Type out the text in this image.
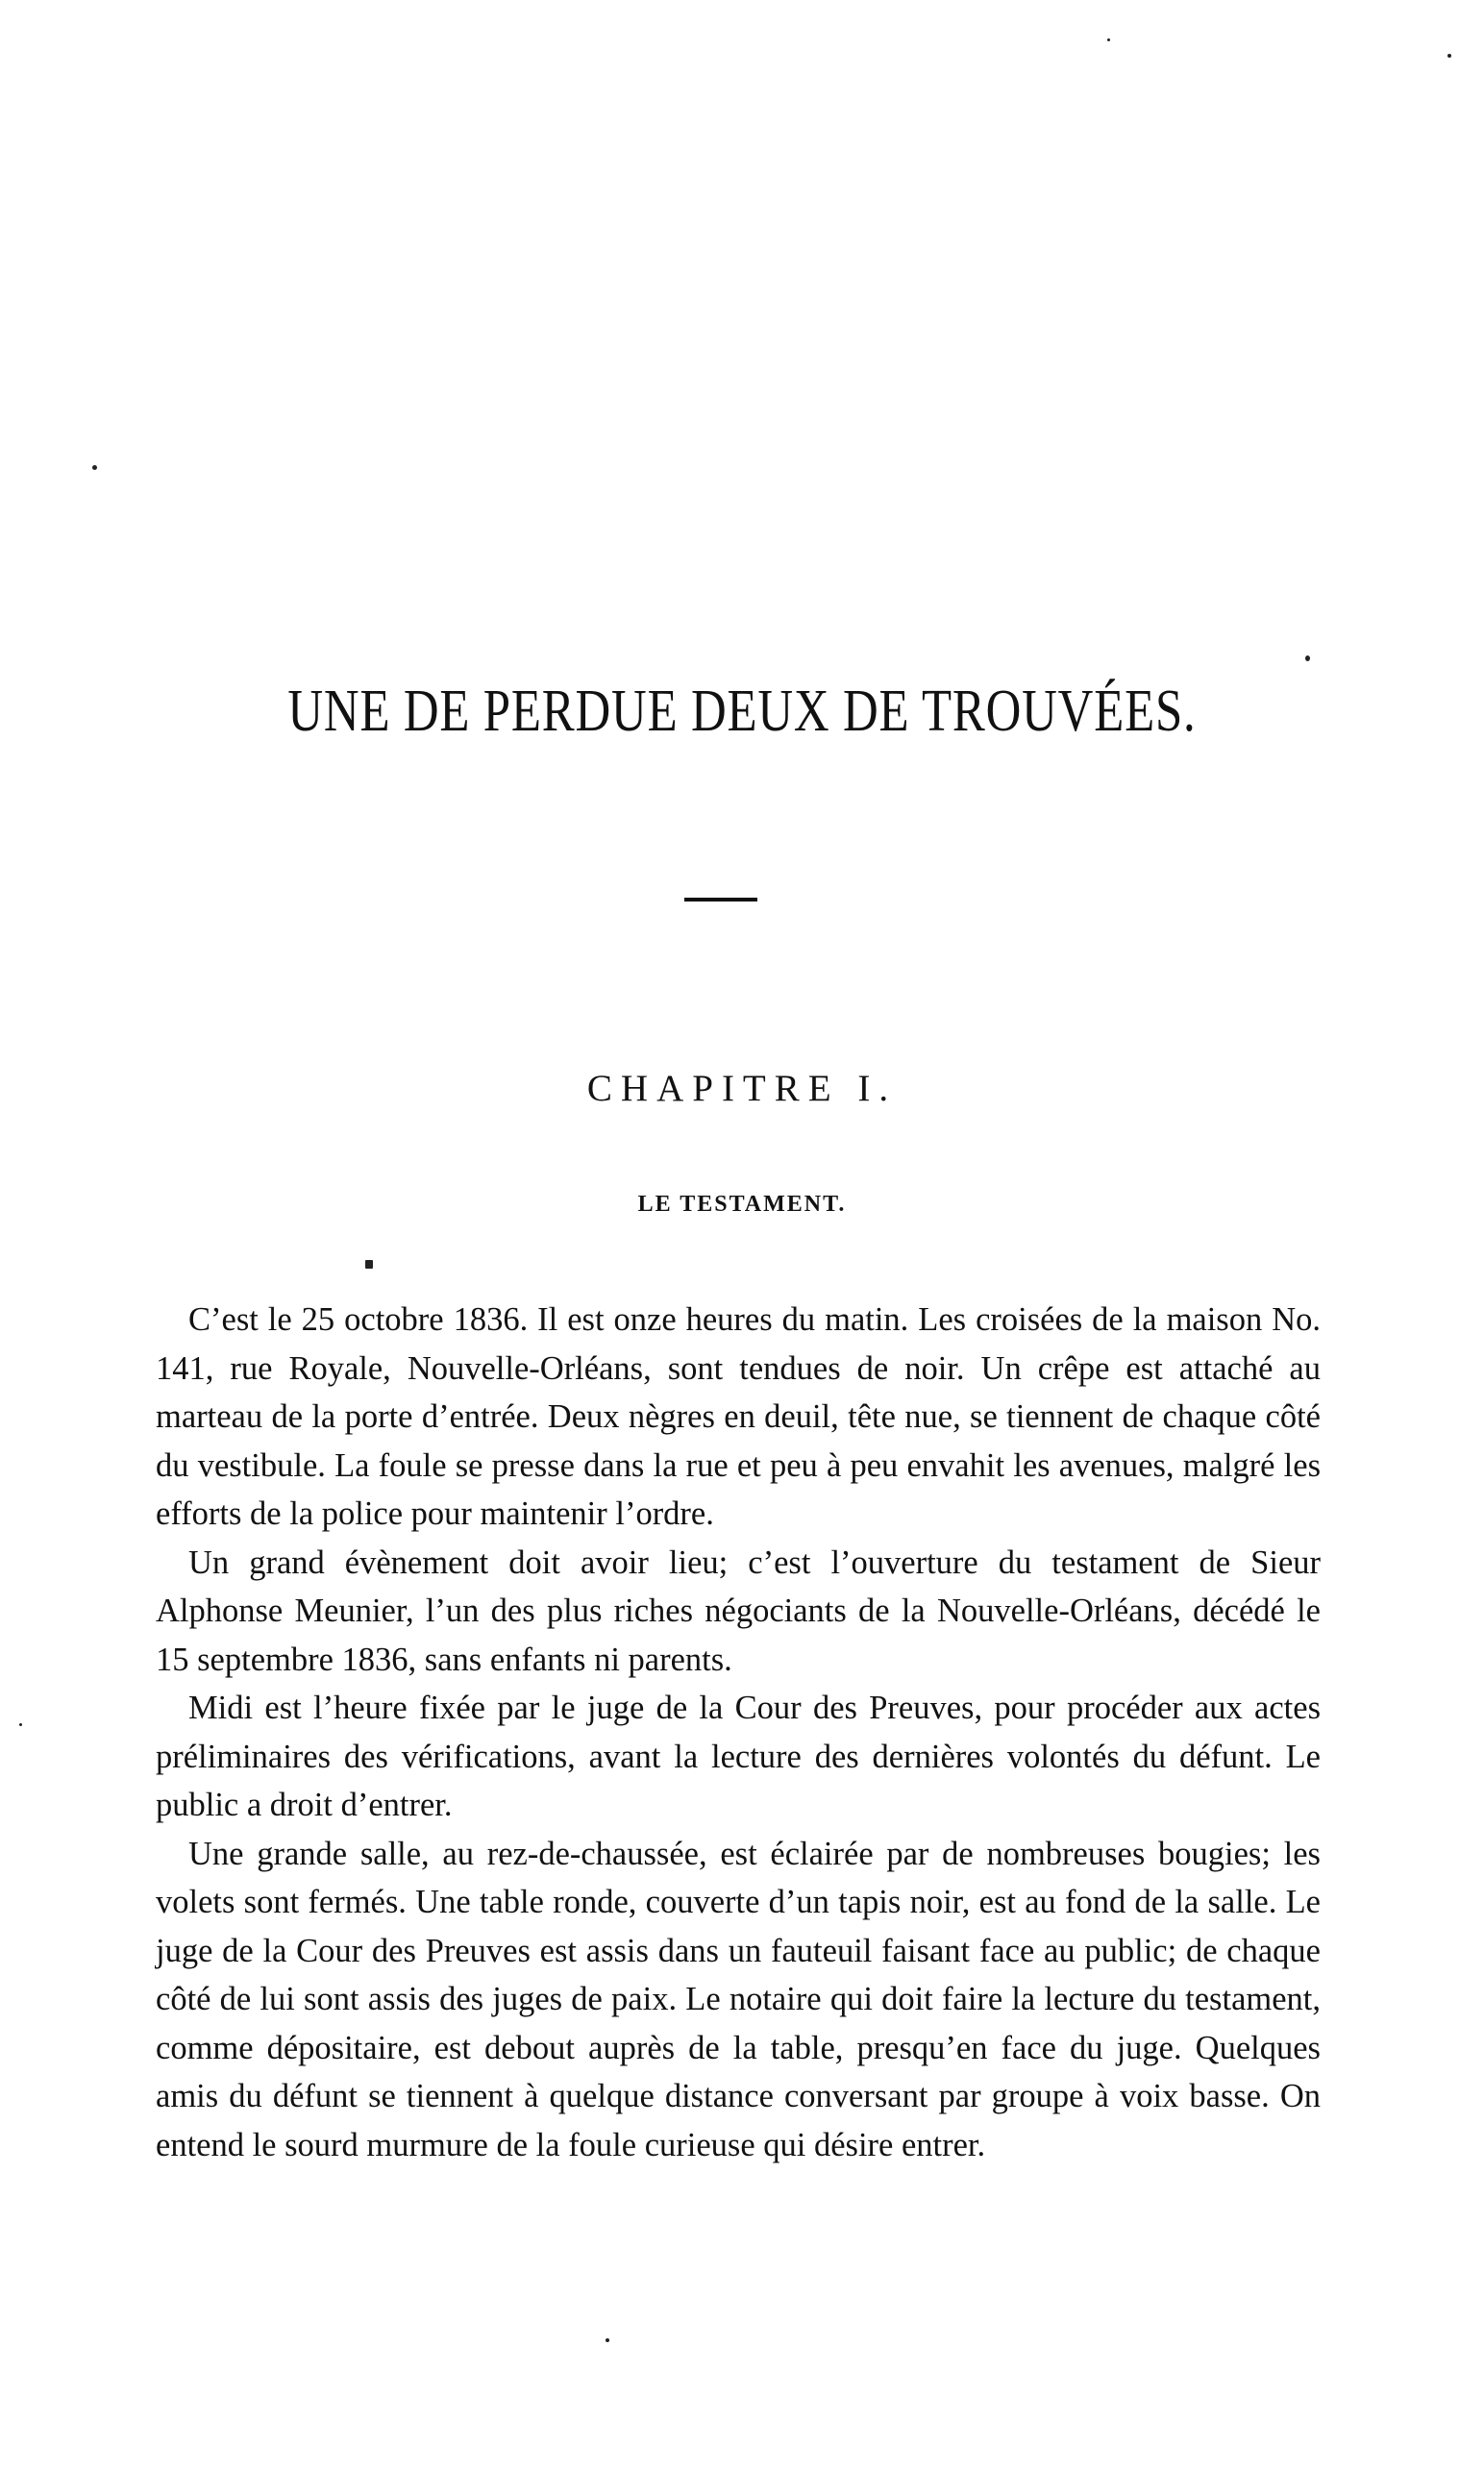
UNE DE PERDUE DEUX DE TROUVÉES.
CHAPITRE I.
LE TESTAMENT.

C’est le 25 octobre 1836. Il est onze heures du matin. Les croisées de la maison No. 141, rue Royale, Nouvelle-Orléans, sont tendues de noir. Un crêpe est attaché au marteau de la porte d’entrée. Deux nègres en deuil, tête nue, se tiennent de chaque côté du vestibule. La foule se presse dans la rue et peu à peu envahit les avenues, malgré les efforts de la police pour maintenir l’ordre.

Un grand évènement doit avoir lieu; c’est l’ouverture du testament de Sieur Alphonse Meunier, l’un des plus riches négociants de la Nouvelle-Orléans, décédé le 15 septembre 1836, sans enfants ni parents.

Midi est l’heure fixée par le juge de la Cour des Preuves, pour procéder aux actes préliminaires des vérifications, avant la lecture des dernières volontés du défunt. Le public a droit d’entrer.

Une grande salle, au rez-de-chaussée, est éclairée par de nombreuses bougies; les volets sont fermés. Une table ronde, couverte d’un tapis noir, est au fond de la salle. Le juge de la Cour des Preuves est assis dans un fauteuil faisant face au public; de chaque côté de lui sont assis des juges de paix. Le notaire qui doit faire la lecture du testament, comme dépositaire, est debout auprès de la table, presqu’en face du juge. Quelques amis du défunt se tiennent à quelque distance conversant par groupe à voix basse. On entend le sourd murmure de la foule curieuse qui désire entrer.
